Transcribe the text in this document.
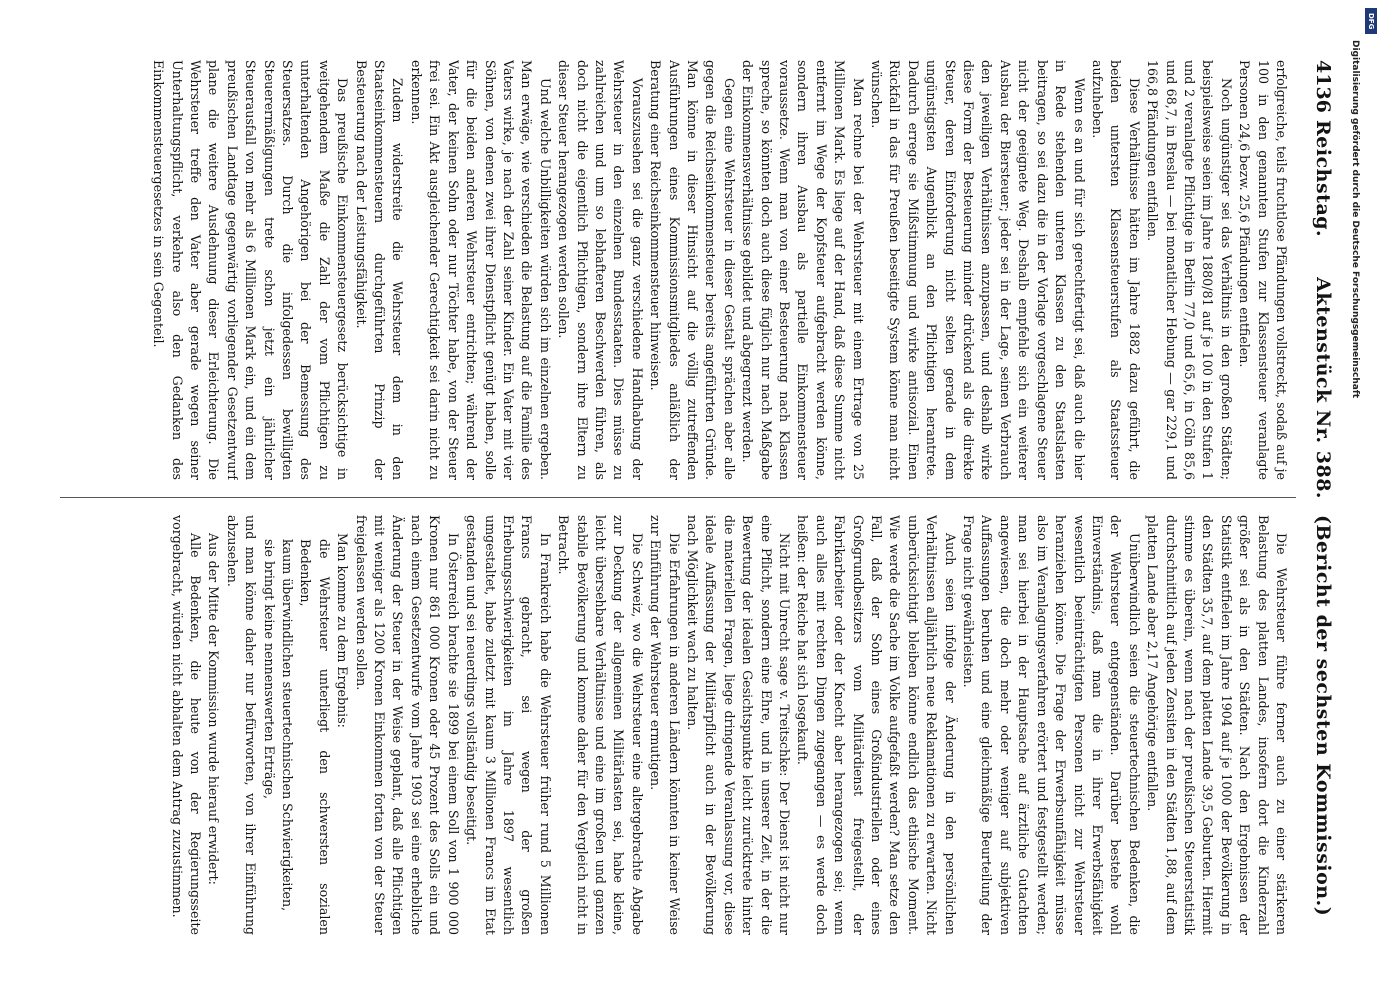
4136
Reichstag.Aktenstück Nr. 388.
(Bericht der sechsten Kommission.)

erfolgreiche, teils fruchtlose Pfändungen vollstreckt, sodaß auf je 100 in den genannten Stufen zur Klassensteuer veranlagte Personen 24,6 bezw. 25,6 Pfändungen entfielen.

Noch ungünstiger sei das Verhältnis in den großen Städten; beispielsweise seien im Jahre 1880/81 auf je 100 in den Stufen 1 und 2 veranlagte Pflichtige in Berlin 77,0 und 65,6, in Cöln 85,6 und 68,7, in Breslau — bei monatlicher Hebung — gar 229,1 und 166,8 Pfändungen entfallen.

Diese Verhältnisse hätten im Jahre 1882 dazu geführt, die beiden untersten Klassensteuerstufen als Staatssteuer aufzuheben.

Wenn es an und für sich gerechtfertigt sei, daß auch die hier in Rede stehenden unteren Klassen zu den Staatslasten beitragen, so sei dazu die in der Vorlage vorgeschlagene Steuer nicht der geeignete Weg. Deshalb empfehle sich ein weiterer Ausbau der Biersteuer; jeder sei in der Lage, seinen Verbrauch den jeweiligen Verhältnissen anzupassen, und deshalb wirke diese Form der Besteuerung minder drückend als die direkte Steuer, deren Einforderung nicht selten gerade in dem ungünstigsten Augenblick an den Pflichtigen herantrete. Dadurch errege sie Mißstimmung und wirke antisozial. Einen Rückfall in das für Preußen beseitigte System könne man nicht wünschen.

Man rechne bei der Wehrsteuer mit einem Ertrage von 25 Millionen Mark. Es liege auf der Hand, daß diese Summe nicht entfernt im Wege der Kopfsteuer aufgebracht werden könne, sondern ihren Ausbau als partielle Einkommensteuer voraussetze. Wenn man von einer Besteuerung nach Klassen spreche, so könnten doch auch diese füglich nur nach Maßgabe der Einkommensverhältnisse gebildet und abgegrenzt werden.

Gegen eine Wehrsteuer in dieser Gestalt sprächen aber alle gegen die Reichseinkommensteuer bereits angeführten Gründe. Man könne in dieser Hinsicht auf die völlig zutreffenden Ausführungen eines Kommissionsmitgliedes anläßlich der Beratung einer Reichseinkommensteuer hinweisen.

Vorauszusehen sei die ganz verschiedene Handhabung der Wehrsteuer in den einzelnen Bundesstaaten. Dies müsse zu zahlreichen und um so lebhafteren Beschwerden führen, als doch nicht die eigentlich Pflichtigen, sondern ihre Eltern zu dieser Steuer herangezogen werden sollen.

Und welche Unbilligkeiten würden sich im einzelnen ergeben. Man erwäge, wie verschieden die Belastung auf die Familie des Vaters wirke, je nach der Zahl seiner Kinder. Ein Vater mit vier Söhnen, von denen zwei ihrer Dienstpflicht genügt haben, solle für die beiden anderen Wehrsteuer entrichten; während der Vater, der keinen Sohn oder nur Töchter habe, von der Steuer frei sei. Ein Akt ausgleichender Gerechtigkeit sei darin nicht zu erkennen.

Zudem widerstreite die Wehrsteuer dem in den Staatseinkommensteuern durchgeführten Prinzip der Besteuerung nach der Leistungsfähigkeit.

Das preußische Einkommensteuergesetz berücksichtige in weitgehendem Maße die Zahl der vom Pflichtigen zu unterhaltenden Angehörigen bei der Bemessung des Steuersatzes. Durch die infolgedessen bewilligten Steuerermäßigungen trete schon jetzt ein jährlicher Steuerausfall von mehr als 6 Millionen Mark ein, und ein dem preußischen Landtage gegenwärtig vorliegender Gesetzentwurf plane die weitere Ausdehnung dieser Erleichterung. Die Wehrsteuer treffe den Vater aber gerade wegen seiner Unterhaltungspflicht, verkehre also den Gedanken des Einkommensteuergesetzes in sein Gegenteil.

Die Wehrsteuer führe ferner auch zu einer stärkeren Belastung des platten Landes, insofern dort die Kinderzahl größer sei als in den Städten. Nach den Ergebnissen der Statistik entfielen im Jahre 1904 auf je 1000 der Bevölkerung in den Städten 35,7, auf dem platten Lande 39,5 Geburten. Hiermit stimme es überein, wenn nach der preußischen Steuerstatistik durchschnittlich auf jeden Zensiten in den Städten 1,88, auf dem platten Lande aber 2,17 Angehörige entfallen.

Unüberwindlich seien die steuertechnischen Bedenken, die der Wehrsteuer entgegenständen. Darüber bestehe wohl Einverständnis, daß man die in ihrer Erwerbsfähigkeit wesentlich beeinträchtigten Personen nicht zur Wehrsteuer heranziehen könne. Die Frage der Erwerbsunfähigkeit müsse also im Veranlagungsverfahren erörtert und festgestellt werden; man sei hierbei in der Hauptsache auf ärztliche Gutachten angewiesen, die doch mehr oder weniger auf subjektiven Auffassungen beruhen und eine gleichmäßige Beurteilung der Frage nicht gewährleisten.

Auch seien infolge der Änderung in den persönlichen Verhältnissen alljährlich neue Reklamationen zu erwarten. Nicht unberücksichtigt bleiben könne endlich das ethische Moment. Wie werde die Sache im Volke aufgefaßt werden? Man setze den Fall, daß der Sohn eines Großindustriellen oder eines Großgrundbesitzers vom Militärdienst freigestellt, der Fabrikarbeiter oder der Knecht aber herangezogen sei; wenn auch alles mit rechten Dingen zugegangen — es werde doch heißen: der Reiche hat sich losgekauft.

Nicht mit Unrecht sage v. Treitschke: Der Dienst ist nicht nur eine Pflicht, sondern eine Ehre, und in unserer Zeit, in der die Bewertung der idealen Gesichtspunkte leicht zurücktrete hinter die materiellen Fragen, liege dringende Veranlassung vor, diese ideale Auffassung der Militärpflicht auch in der Bevölkerung nach Möglichkeit wach zu halten.

Die Erfahrungen in anderen Ländern könnten in keiner Weise zur Einführung der Wehrsteuer ermutigen.

Die Schweiz, wo die Wehrsteuer eine altergebrachte Abgabe zur Deckung der allgemeinen Militärlasten sei, habe kleine, leicht übersehbare Verhältnisse und eine im großen und ganzen stabile Bevölkerung und komme daher für den Vergleich nicht in Betracht.

In Frankreich habe die Wehrsteuer früher rund 5 Millionen Francs gebracht, sei wegen der großen Erhebungsschwierigkeiten im Jahre 1897 wesentlich umgestaltet, habe zuletzt mit kaum 3 Millionen Francs im Etat gestanden und sei neuerdings vollständig beseitigt.

In Österreich brachte sie 1899 bei einem Soll von 1 900 000 Kronen nur 861 000 Kronen oder 45 Prozent des Solls ein und nach einem Gesetzentwurfe vom Jahre 1903 sei eine erhebliche Änderung der Steuer in der Weise geplant, daß alle Pflichtigen mit weniger als 1200 Kronen Einkommen fortan von der Steuer freigelassen werden sollen.

Man komme zu dem Ergebnis:

die Wehrsteuer unterliegt den schwersten sozialen Bedenken,

kaum überwindlichen steuertechnischen Schwierigkeiten,

sie bringt keine nennenswerten Erträge,

und man könne daher nur befürworten, von ihrer Einführung abzusehen.

Aus der Mitte der Kommission wurde hierauf erwidert:

Alle Bedenken, die heute von der Regierungsseite vorgebracht, würden nicht abhalten dem Antrag zuzustimmen.

DFG
Digitalisierung gefördert durch die Deutsche Forschungsgemeinschaft
